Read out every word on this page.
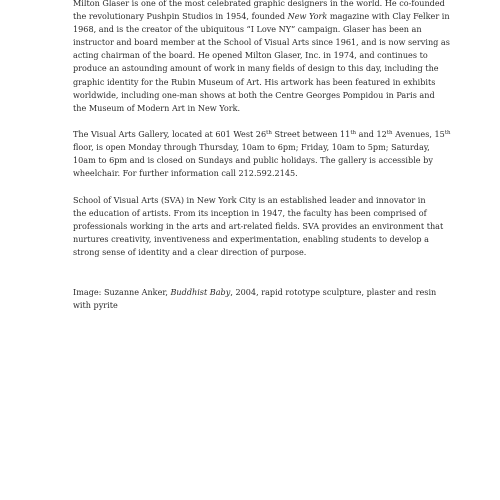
Milton Glaser is one of the most celebrated graphic designers in the world. He co-founded
the revolutionary Pushpin Studios in 1954, founded New York magazine with Clay Felker in
1968, and is the creator of the ubiquitous “I Love NY” campaign. Glaser has been an
instructor and board member at the School of Visual Arts since 1961, and is now serving as
acting chairman of the board. He opened Milton Glaser, Inc. in 1974, and continues to
produce an astounding amount of work in many fields of design to this day, including the
graphic identity for the Rubin Museum of Art. His artwork has been featured in exhibits
worldwide, including one-man shows at both the Centre Georges Pompidou in Paris and
the Museum of Modern Art in New York.
The Visual Arts Gallery, located at 601 West 26th Street between 11th and 12th Avenues, 15th
floor, is open Monday through Thursday, 10am to 6pm; Friday, 10am to 5pm; Saturday,
10am to 6pm and is closed on Sundays and public holidays. The gallery is accessible by
wheelchair. For further information call 212.592.2145.
School of Visual Arts (SVA) in New York City is an established leader and innovator in
the education of artists. From its inception in 1947, the faculty has been comprised of
professionals working in the arts and art-related fields. SVA provides an environment that
nurtures creativity, inventiveness and experimentation, enabling students to develop a
strong sense of identity and a clear direction of purpose.
Image: Suzanne Anker, Buddhist Baby, 2004, rapid rototype sculpture, plaster and resin
with pyrite
